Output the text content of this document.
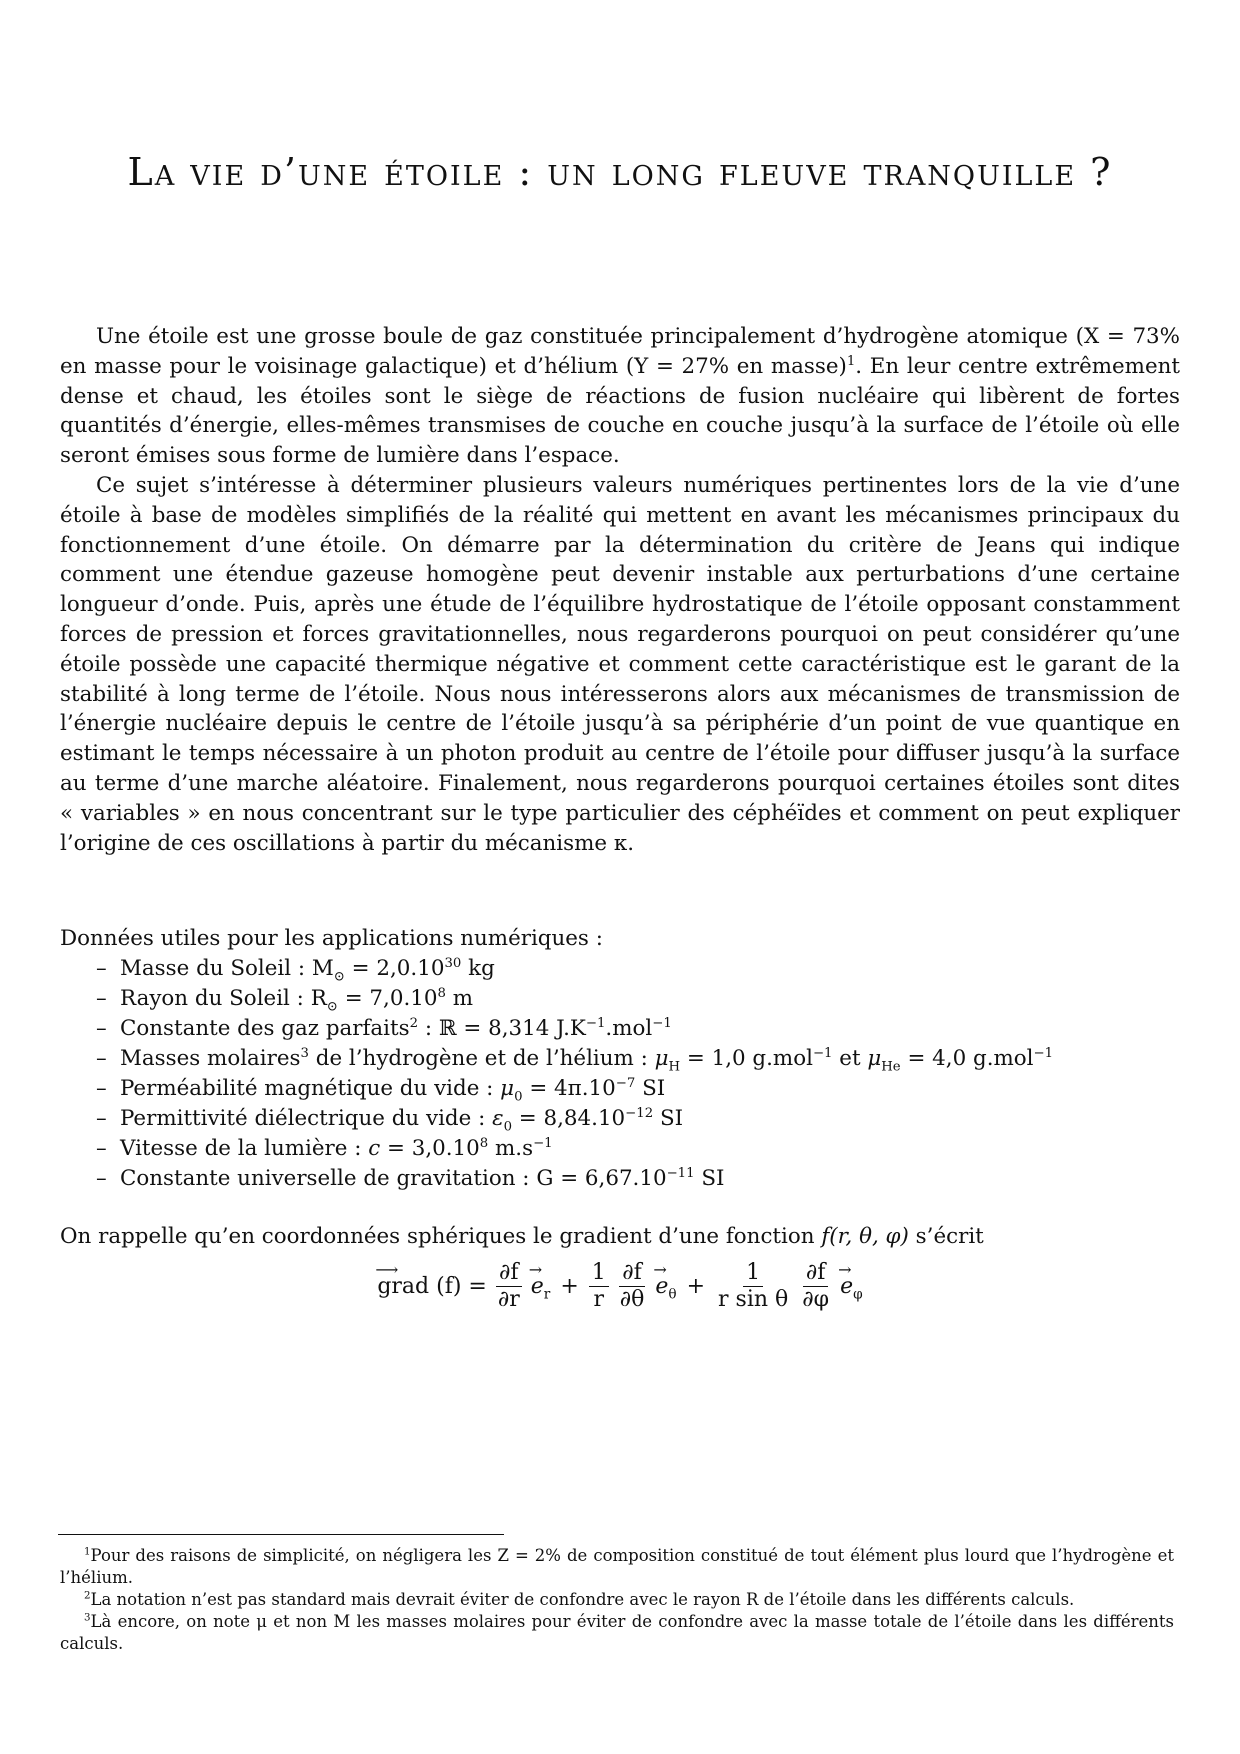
La vie d’une étoile : un long fleuve tranquille ?

Une étoile est une grosse boule de gaz constituée principalement d’hydrogène atomique (X = 73% en masse pour le voisinage galactique) et d’hélium (Y = 27% en masse)$^1$. En leur centre extrêmement dense et chaud, les étoiles sont le siège de réactions de fusion nucléaire qui libèrent de fortes quantités d’énergie, elles-mêmes transmises de couche en couche jusqu’à la surface de l’étoile où elle seront émises sous forme de lumière dans l’espace.

Ce sujet s’intéresse à déterminer plusieurs valeurs numériques pertinentes lors de la vie d’une étoile à base de modèles simplifiés de la réalité qui mettent en avant les mécanismes principaux du fonctionnement d’une étoile. On démarre par la détermination du critère de Jeans qui indique comment une étendue gazeuse homogène peut devenir instable aux perturbations d’une certaine longueur d’onde. Puis, après une étude de l’équilibre hydrostatique de l’étoile opposant constamment forces de pression et forces gravitationnelles, nous regarderons pourquoi on peut considérer qu’une étoile possède une capacité thermique négative et comment cette caractéristique est le garant de la stabilité à long terme de l’étoile. Nous nous intéresserons alors aux mécanismes de transmission de l’énergie nucléaire depuis le centre de l’étoile jusqu’à sa périphérie d’un point de vue quantique en estimant le temps nécessaire à un photon produit au centre de l’étoile pour diffuser jusqu’à la surface au terme d’une marche aléatoire. Finalement, nous regarderons pourquoi certaines étoiles sont dites « variables » en nous concentrant sur le type particulier des céphéïdes et comment on peut expliquer l’origine de ces oscillations à partir du mécanisme κ.

Données utiles pour les applications numériques :

– Masse du Soleil : $M_⊙ = 2,0.10^{30}$ kg
– Rayon du Soleil : $R_⊙ = 7,0.10^8$ m
– Constante des gaz parfaits$^2$ : ℝ = 8,314 $J.K^{-1}.mol^{-1}$
– Masses molaires$^3$ de l’hydrogène et de l’hélium : $\mu_H = 1,0$ g.mol$^{-1}$ et $\mu_{He} = 4,0$ g.mol$^{-1}$
– Perméabilité magnétique du vide : $\mu_0 = 4\pi.10^{-7}$ SI
– Permittivité diélectrique du vide : $\varepsilon_0 = 8,84.10^{-12}$ SI
– Vitesse de la lumière : $c = 3,0.10^8$ $m.s^{-1}$
– Constante universelle de gravitation : $G = 6,67.10^{-11}$ SI

On rappelle qu’en coordonnées sphériques le gradient d’une fonction f(r, θ, φ) s’écrit

⟶
grad $(f) = \frac{\partial f}{\partial r}$ →
$e_r + \frac{1}{r} \frac{\partial f}{\partial\theta}$ →
$e_\theta + \frac{1}{\text{r sin θ}} \frac{\partial f}{\partial\varphi}$ →
$e_\varphi$

$^1$Pour des raisons de simplicité, on négligera les Z = 2% de composition constitué de tout élément plus lourd que l’hydrogène et l’hélium.

$^2$La notation n’est pas standard mais devrait éviter de confondre avec le rayon R de l’étoile dans les différents calculs.

$^3$Là encore, on note μ et non M les masses molaires pour éviter de confondre avec la masse totale de l’étoile dans les différents calculs.
